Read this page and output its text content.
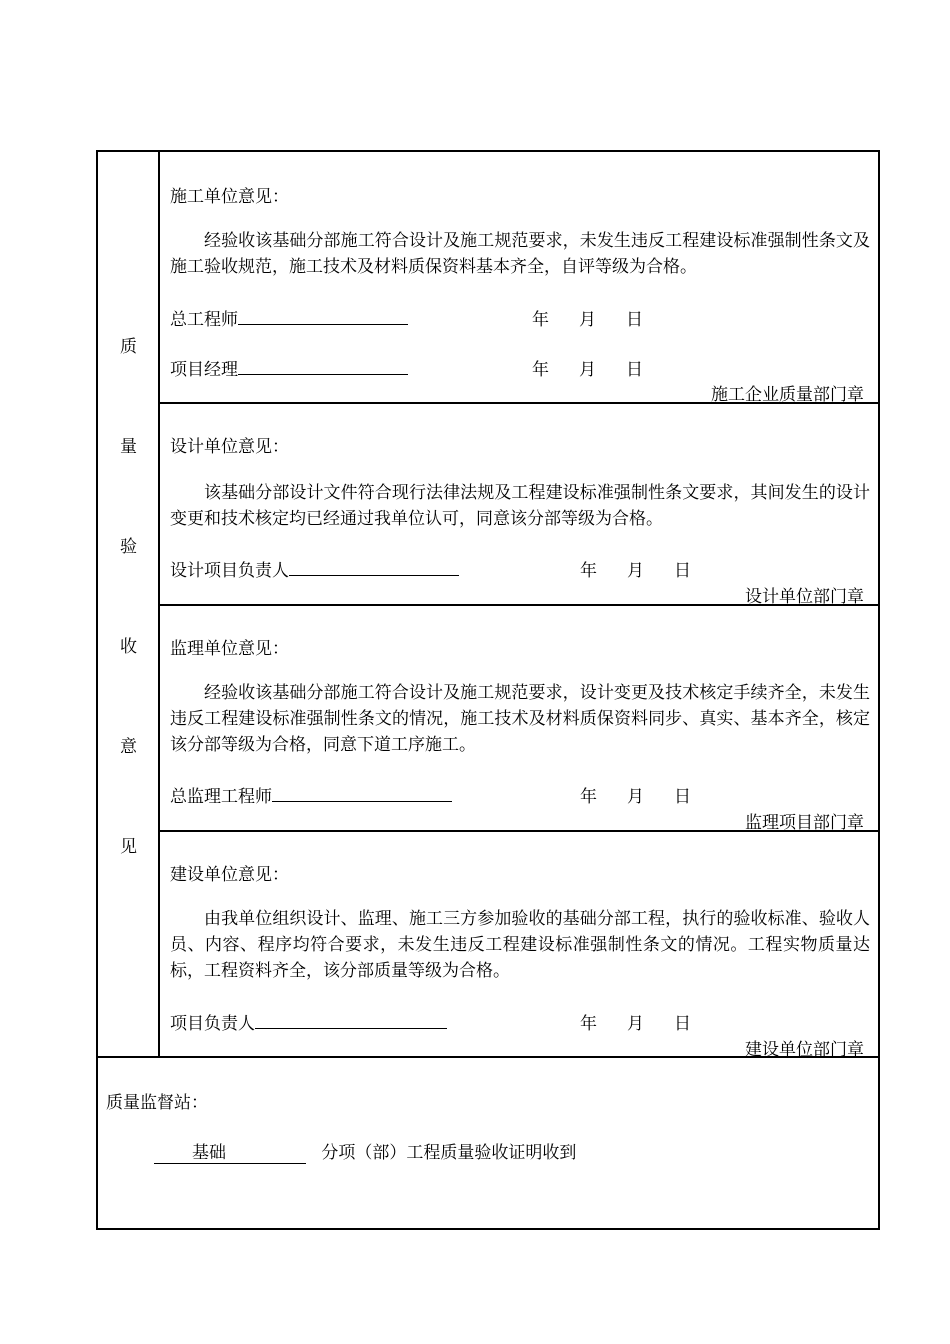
质
量
验
收
意
见
施工单位意见：
经验收该基础分部施工符合设计及施工规范要求，未发生违反工程建设标准强制性条文及施工验收规范，施工技术及材料质保资料基本齐全，自评等级为合格。
总工程师	年 月 日
项目经理	年 月 日
施工企业质量部门章
设计单位意见：
该基础分部设计文件符合现行法律法规及工程建设标准强制性条文要求，其间发生的设计变更和技术核定均已经通过我单位认可，同意该分部等级为合格。
设计项目负责人	年 月 日
设计单位部门章
监理单位意见：
经验收该基础分部施工符合设计及施工规范要求，设计变更及技术核定手续齐全，未发生违反工程建设标准强制性条文的情况，施工技术及材料质保资料同步、真实、基本齐全，核定该分部等级为合格，同意下道工序施工。
总监理工程师	年 月 日
监理项目部门章
建设单位意见：
由我单位组织设计、监理、施工三方参加验收的基础分部工程，执行的验收标准、验收人员、内容、程序均符合要求，未发生违反工程建设标准强制性条文的情况。工程实物质量达标，工程资料齐全，该分部质量等级为合格。
项目负责人	年 月 日
建设单位部门章
质量监督站：
基础	分项（部）工程质量验收证明收到
